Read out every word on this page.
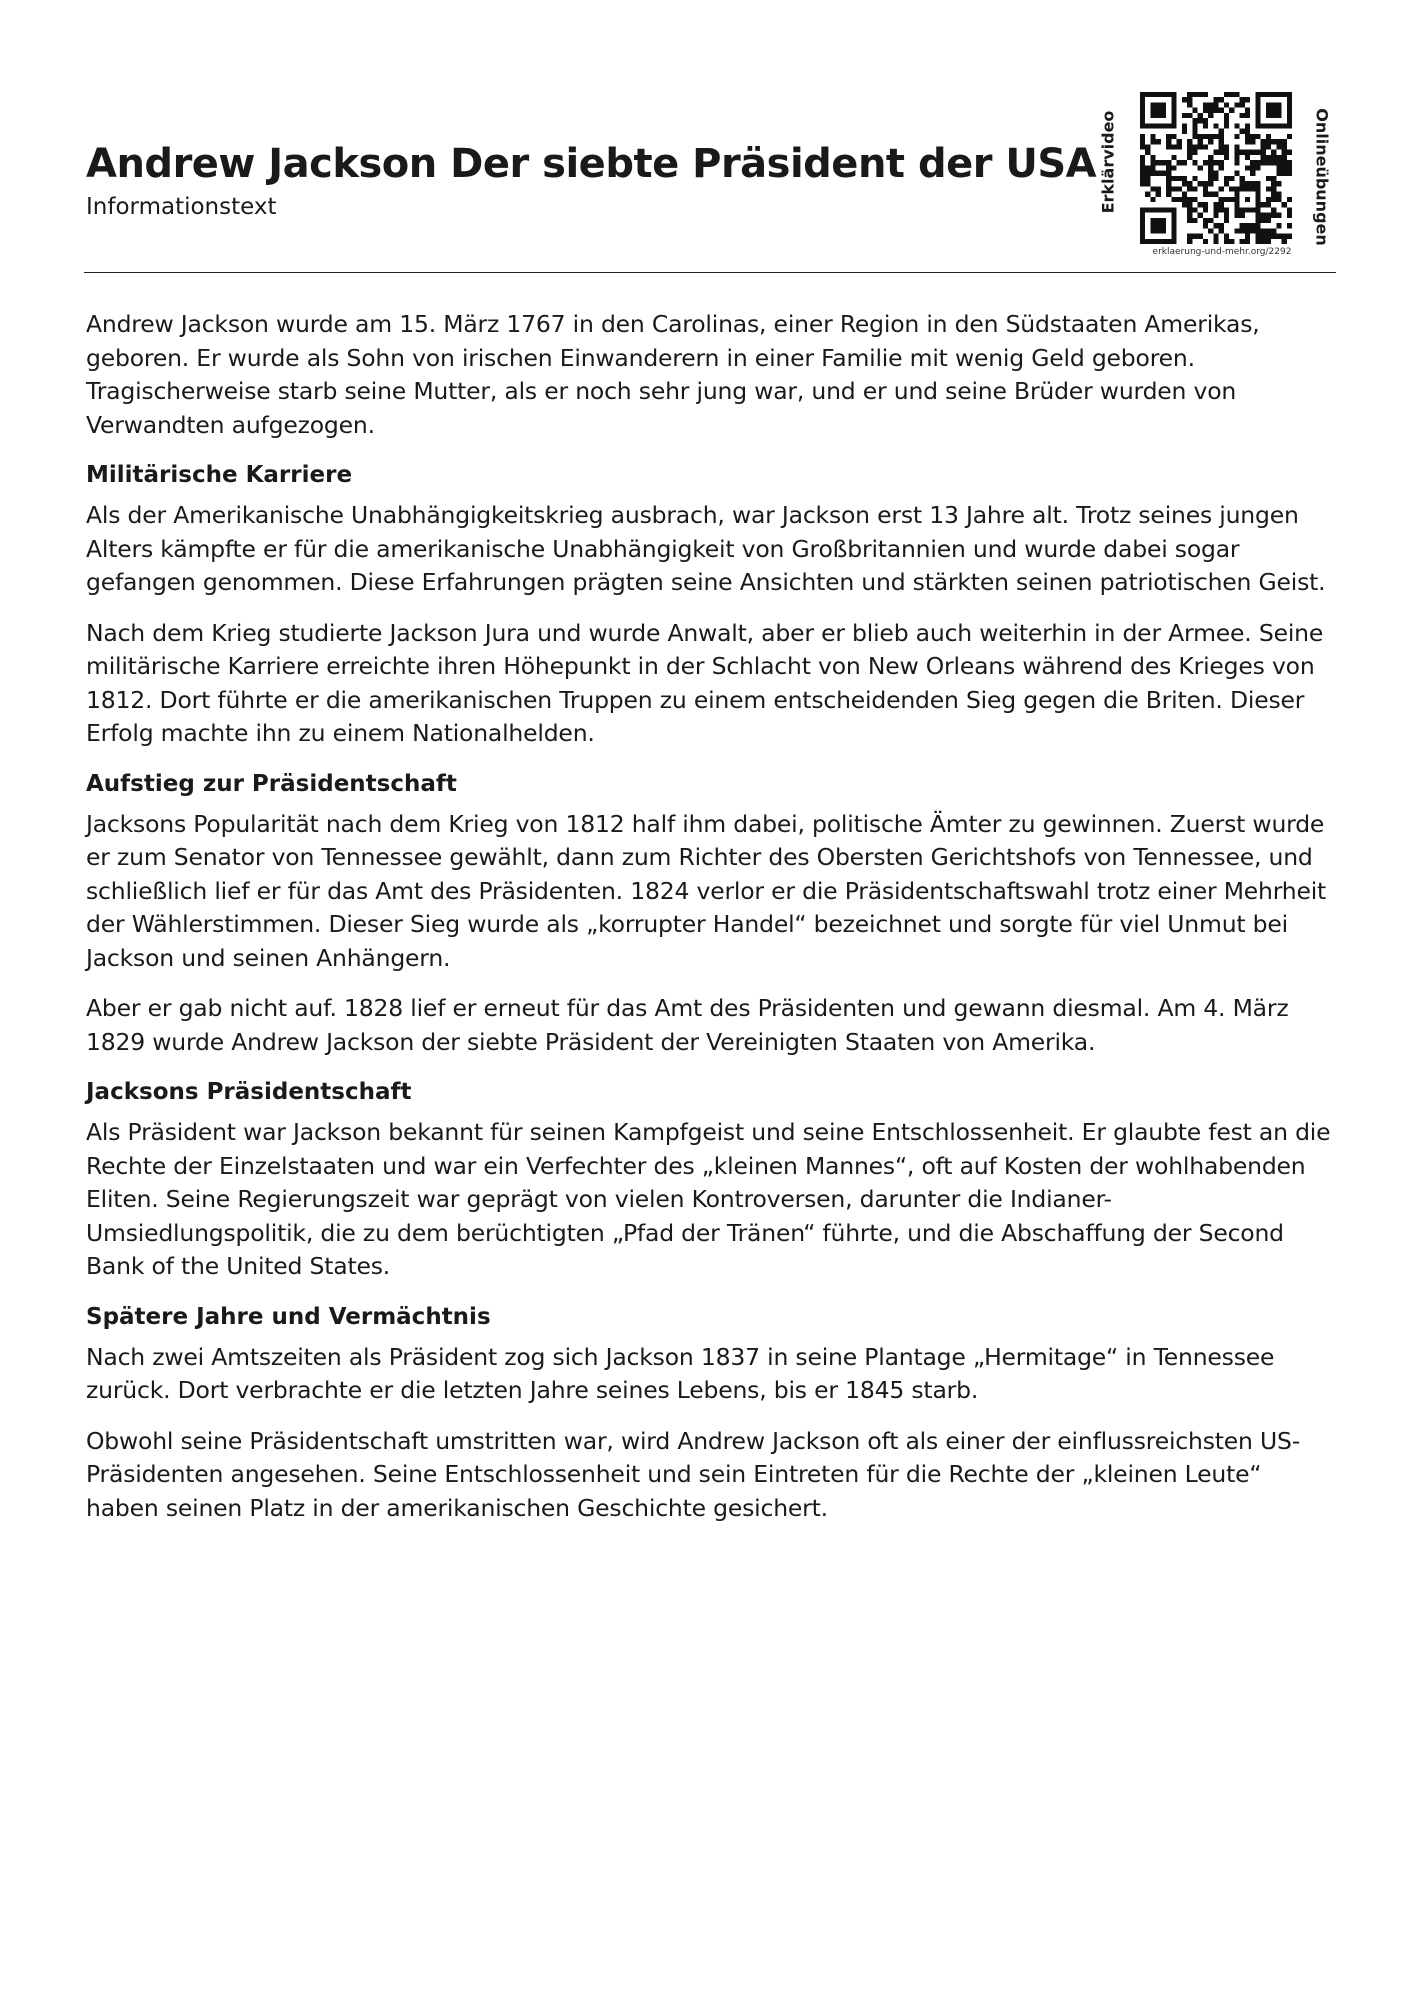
Andrew Jackson Der siebte Präsident der USA
Informationstext	Erklärvideo	Onlineübungen
erklaerung-und-mehr.org/2292

Andrew Jackson wurde am 15. März 1767 in den Carolinas, einer Region in den Südstaaten Amerikas, geboren. Er wurde als Sohn von irischen Einwanderern in einer Familie mit wenig Geld geboren. Tragischerweise starb seine Mutter, als er noch sehr jung war, und er und seine Brüder wurden von Verwandten aufgezogen.

Militärische Karriere

Als der Amerikanische Unabhängigkeitskrieg ausbrach, war Jackson erst 13 Jahre alt. Trotz seines jungen Alters kämpfte er für die amerikanische Unabhängigkeit von Großbritannien und wurde dabei sogar gefangen genommen. Diese Erfahrungen prägten seine Ansichten und stärkten seinen patriotischen Geist.

Nach dem Krieg studierte Jackson Jura und wurde Anwalt, aber er blieb auch weiterhin in der Armee. Seine militärische Karriere erreichte ihren Höhepunkt in der Schlacht von New Orleans während des Krieges von 1812. Dort führte er die amerikanischen Truppen zu einem entscheidenden Sieg gegen die Briten. Dieser Erfolg machte ihn zu einem Nationalhelden.

Aufstieg zur Präsidentschaft

Jacksons Popularität nach dem Krieg von 1812 half ihm dabei, politische Ämter zu gewinnen. Zuerst wurde er zum Senator von Tennessee gewählt, dann zum Richter des Obersten Gerichtshofs von Tennessee, und schließlich lief er für das Amt des Präsidenten. 1824 verlor er die Präsidentschaftswahl trotz einer Mehrheit der Wählerstimmen. Dieser Sieg wurde als „korrupter Handel“ bezeichnet und sorgte für viel Unmut bei Jackson und seinen Anhängern.

Aber er gab nicht auf. 1828 lief er erneut für das Amt des Präsidenten und gewann diesmal. Am 4. März 1829 wurde Andrew Jackson der siebte Präsident der Vereinigten Staaten von Amerika.

Jacksons Präsidentschaft

Als Präsident war Jackson bekannt für seinen Kampfgeist und seine Entschlossenheit. Er glaubte fest an die Rechte der Einzelstaaten und war ein Verfechter des „kleinen Mannes“, oft auf Kosten der wohlhabenden Eliten. Seine Regierungszeit war geprägt von vielen Kontroversen, darunter die Indianer-Umsiedlungspolitik, die zu dem berüchtigten „Pfad der Tränen“ führte, und die Abschaffung der Second Bank of the United States.

Spätere Jahre und Vermächtnis

Nach zwei Amtszeiten als Präsident zog sich Jackson 1837 in seine Plantage „Hermitage“ in Tennessee zurück. Dort verbrachte er die letzten Jahre seines Lebens, bis er 1845 starb.

Obwohl seine Präsidentschaft umstritten war, wird Andrew Jackson oft als einer der einflussreichsten US-Präsidenten angesehen. Seine Entschlossenheit und sein Eintreten für die Rechte der „kleinen Leute“ haben seinen Platz in der amerikanischen Geschichte gesichert.
